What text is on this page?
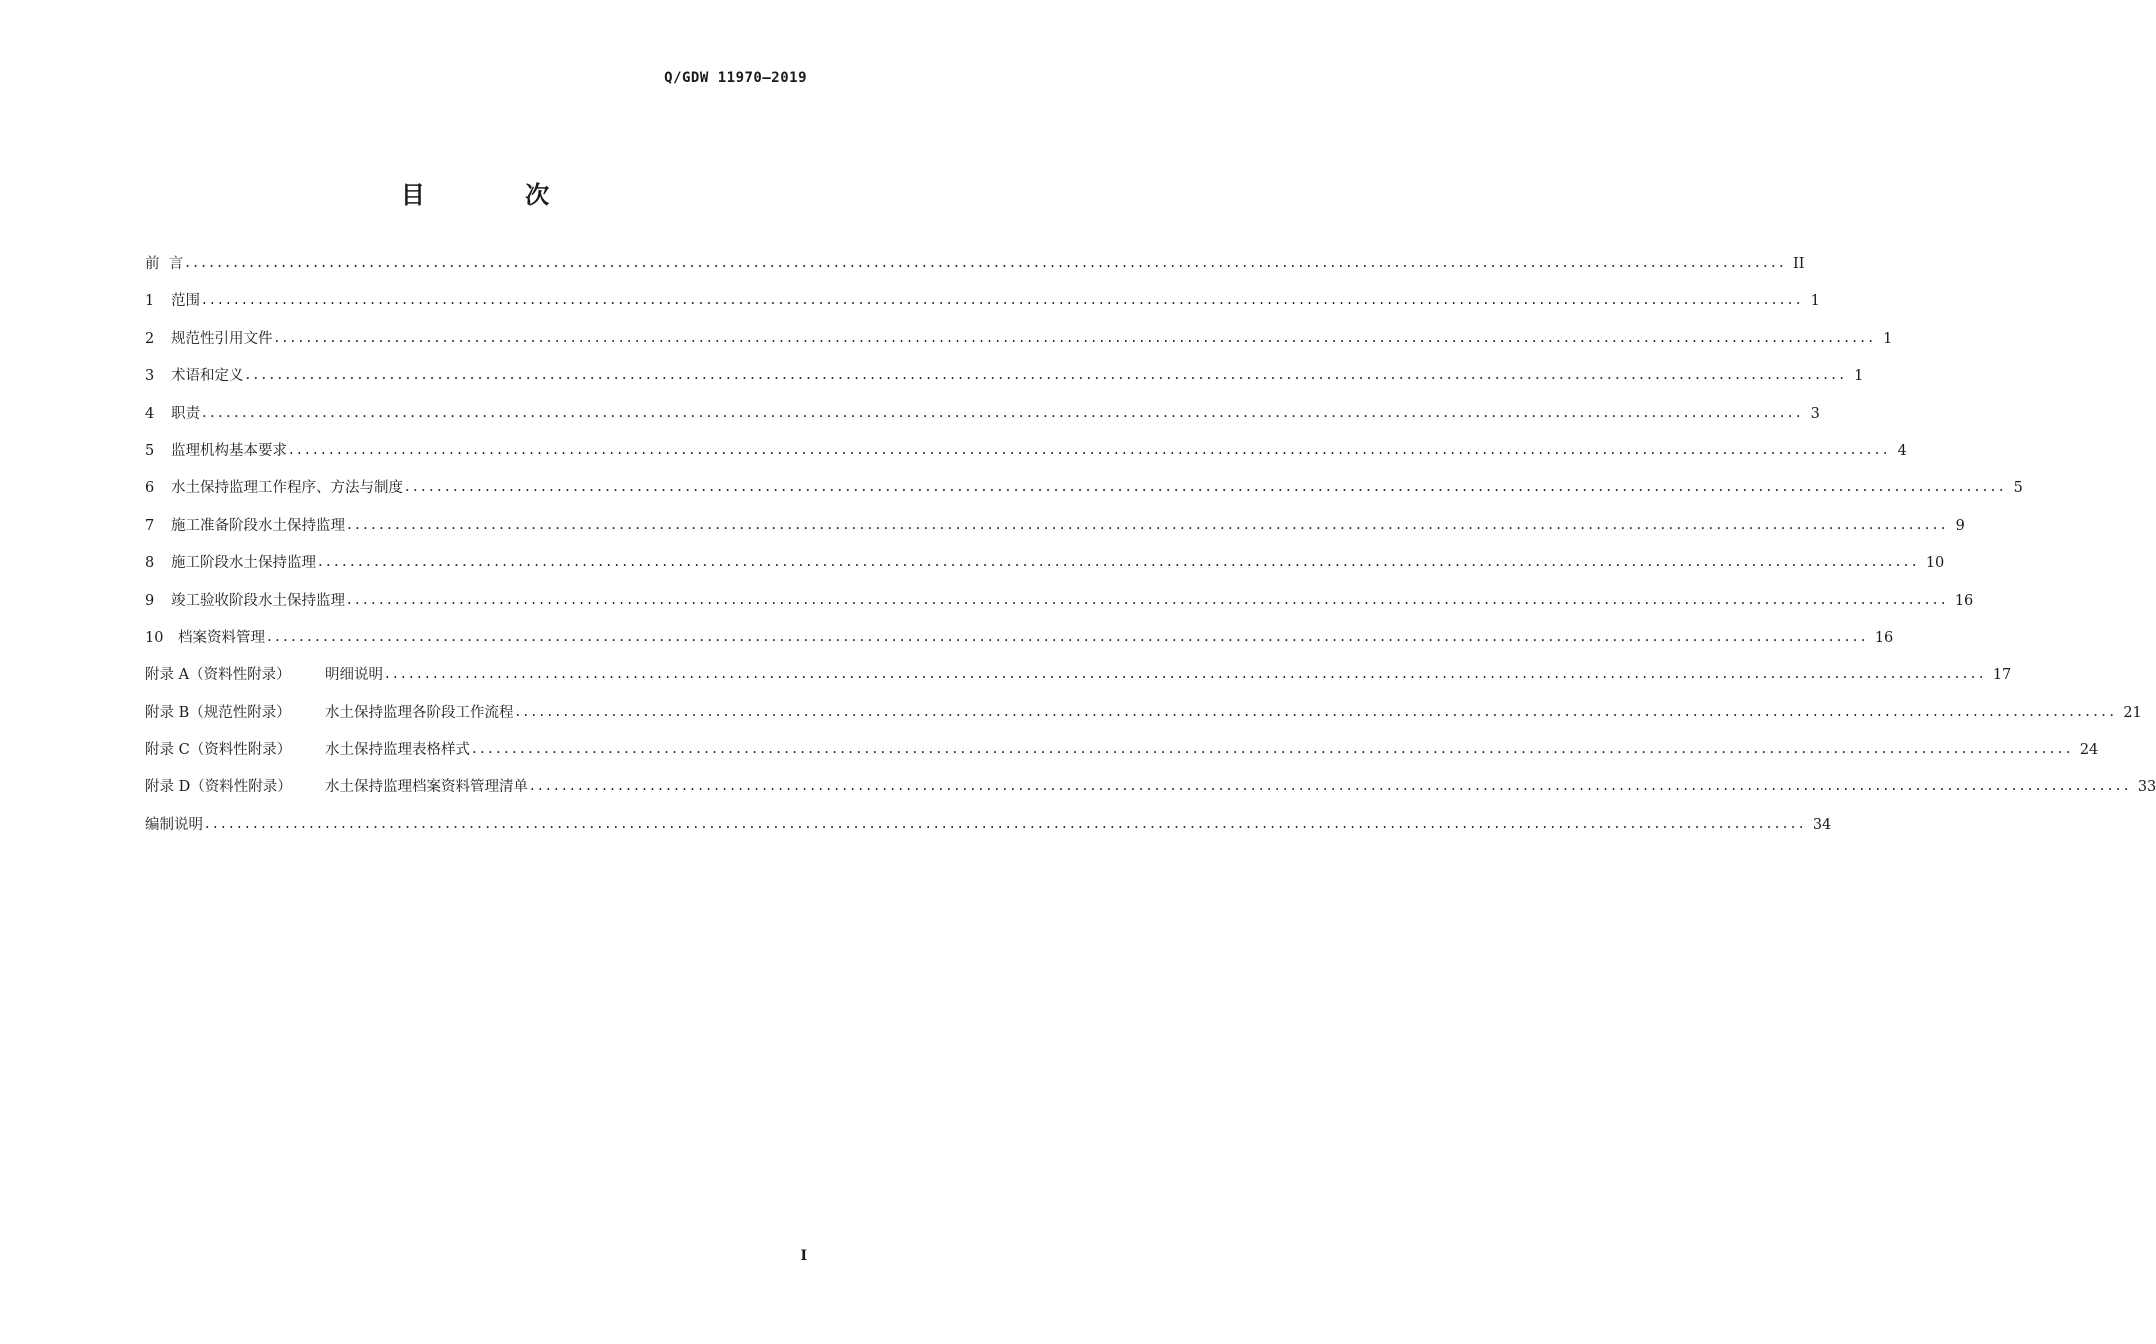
Q/GDW 11970—2019
目 次
前  言 ........................................................................................................................................................................................................ II
1	范围 ........................................................................................................................................................................................................ 1
2	规范性引用文件 ........................................................................................................................................................................................................ 1
3	术语和定义 ........................................................................................................................................................................................................ 1
4	职责 ........................................................................................................................................................................................................ 3
5	监理机构基本要求 ........................................................................................................................................................................................................ 4
6	水土保持监理工作程序、方法与制度 ........................................................................................................................................................................................................ 5
7	施工准备阶段水土保持监理 ........................................................................................................................................................................................................ 9
8	施工阶段水土保持监理 ........................................................................................................................................................................................................ 10
9	竣工验收阶段水土保持监理 ........................................................................................................................................................................................................ 16
10	档案资料管理 ........................................................................................................................................................................................................ 16
附录 A（资料性附录）	明细说明 ........................................................................................................................................................................................................ 17
附录 B（规范性附录）	水土保持监理各阶段工作流程 ........................................................................................................................................................................................................ 21
附录 C（资料性附录）	水土保持监理表格样式 ........................................................................................................................................................................................................ 24
附录 D（资料性附录）	水土保持监理档案资料管理清单 ........................................................................................................................................................................................................ 33
编制说明 ........................................................................................................................................................................................................ 34
I
